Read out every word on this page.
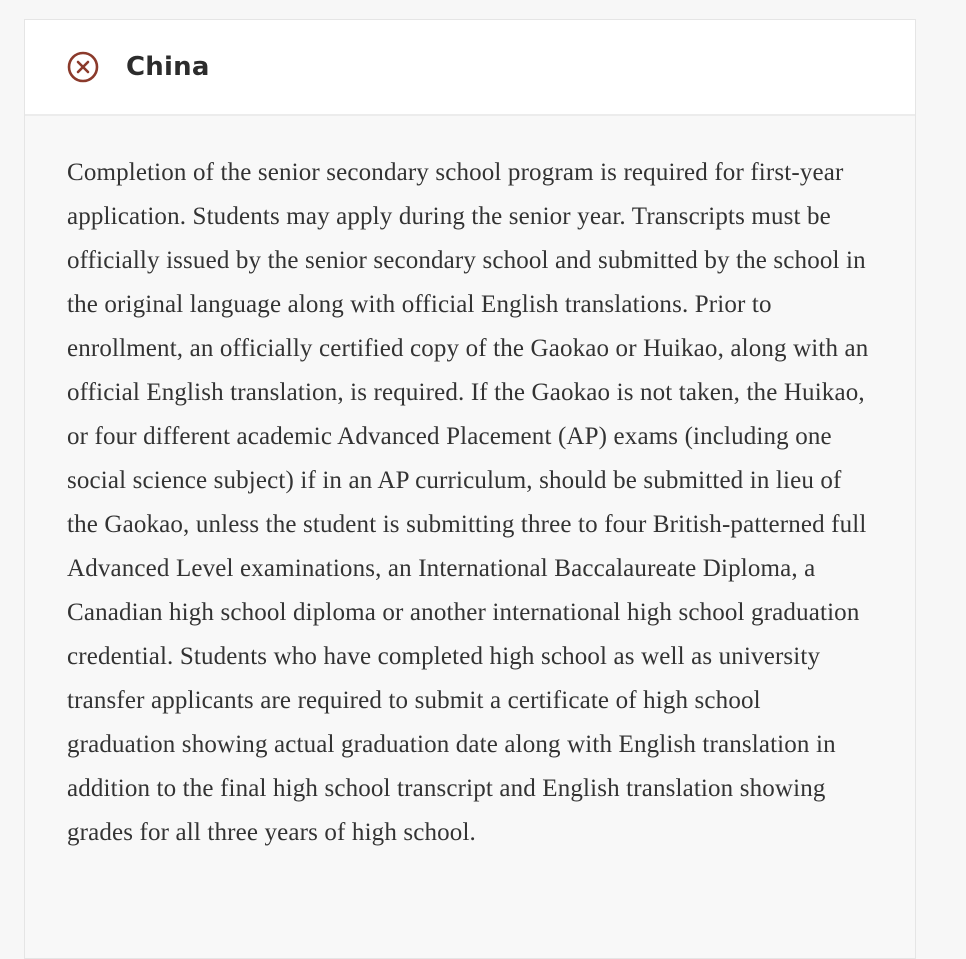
China

Completion of the senior secondary school program is required for first-year application. Students may apply during the senior year. Transcripts must be officially issued by the senior secondary school and submitted by the school in the original language along with official English translations. Prior to enrollment, an officially certified copy of the Gaokao or Huikao, along with an official English translation, is required. If the Gaokao is not taken, the Huikao, or four different academic Advanced Placement (AP) exams (including one social science subject) if in an AP curriculum, should be submitted in lieu of the Gaokao, unless the student is submitting three to four British-patterned full Advanced Level examinations, an International Baccalaureate Diploma, a Canadian high school diploma or another international high school graduation credential. Students who have completed high school as well as university transfer applicants are required to submit a certificate of high school graduation showing actual graduation date along with English translation in addition to the final high school transcript and English translation showing grades for all three years of high school.
